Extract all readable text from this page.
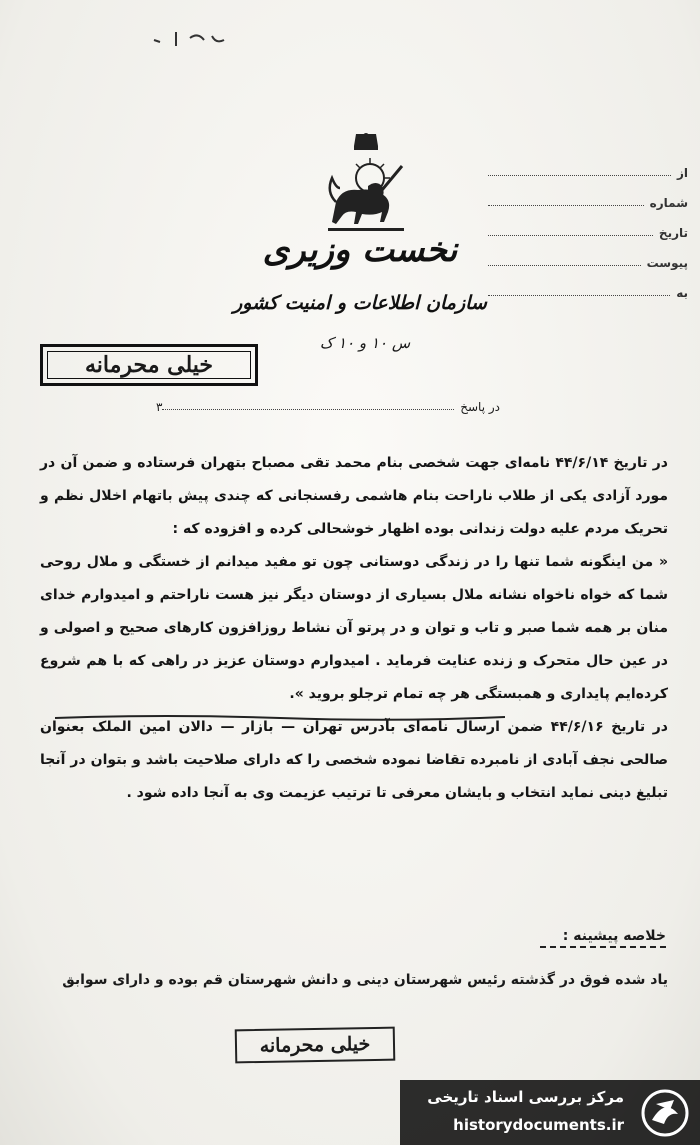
نخست وزیری
سازمان اطلاعات و امنیت کشور
س ۱۰ و ۱۰ ک
از
شماره
تاریخ
پیوست
به
خیلی محرمانه
در پاسخ
۳

در تاریخ ۴۴/۶/۱۴ نامه‌ای جهت شخصی بنام محمد تقی مصباح بتهران فرستاده و ضمن آن در مورد آزادی یکی از طلاب ناراحت بنام هاشمی رفسنجانی که چندی پیش باتهام اخلال نظم و تحریک مردم علیه دولت زندانی بوده اظهار خوشحالی کرده و افزوده که :

« من اینگونه شما تنها را در زندگی دوستانی چون تو مفید میدانم از خستگی و ملال روحی شما که خواه ناخواه نشانه ملال بسیاری از دوستان دیگر نیز هست ناراحتم و امیدوارم خدای منان بر همه شما صبر و تاب و توان و در پرتو آن نشاط روزافزون کارهای صحیح و اصولی و در عین حال متحرک و زنده عنایت فرماید . امیدوارم دوستان عزیز در راهی که با هم شروع کرده‌ایم پایداری و همبستگی هر چه تمام ترجلو بروید ».

در تاریخ ۴۴/۶/۱۶ ضمن ارسال نامه‌ای بآدرس تهران — بازار — دالان امین الملک بعنوان صالحی نجف آبادی از نامبرده تقاضا نموده شخصی را که دارای صلاحیت باشد و بتوان در آنجا تبلیغ دینی نماید انتخاب و بایشان معرفی تا ترتیب عزیمت وی به آنجا داده شود .

خلاصه پیشینه :
یاد شده فوق در گذشته رئیس شهرستان دینی و دانش شهرستان قم بوده و دارای سوابق
خیلی محرمانه
مرکز بررسی اسناد تاریخی
historydocuments.ir
